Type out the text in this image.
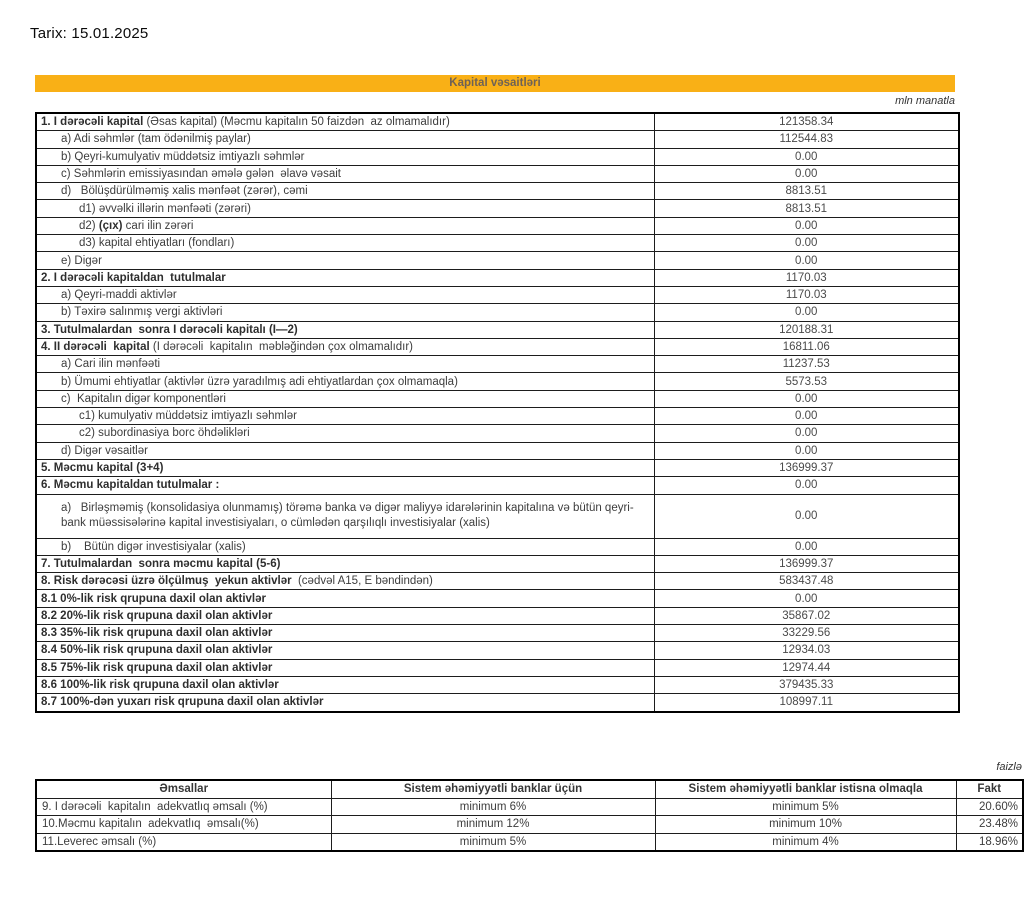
Tarix: 15.01.2025
Kapital vəsaitləri
mln manatla
1. I dərəcəli kapital (Əsas kapital) (Məcmu kapitalın 50 faizdən  az olmamalıdır)	121358.34
a) Adi səhmlər (tam ödənilmiş paylar)	112544.83
b) Qeyri-kumulyativ müddətsiz imtiyazlı səhmlər	0.00
c) Səhmlərin emissiyasından əmələ gələn  əlavə vəsait	0.00
d)   Bölüşdürülməmiş xalis mənfəət (zərər), cəmi	8813.51
d1) əvvəlki illərin mənfəəti (zərəri)	8813.51
d2) (çıx) cari ilin zərəri	0.00
d3) kapital ehtiyatları (fondları)	0.00
e) Digər	0.00
2. I dərəcəli kapitaldan  tutulmalar	1170.03
a) Qeyri-maddi aktivlər	1170.03
b) Təxirə salınmış vergi aktivləri	0.00
3. Tutulmalardan  sonra I dərəcəli kapitalı (I—2)	120188.31
4. II dərəcəli  kapital (I dərəcəli  kapitalın  məbləğindən çox olmamalıdır)	16811.06
a) Cari ilin mənfəəti	11237.53
b) Ümumi ehtiyatlar (aktivlər üzrə yaradılmış adi ehtiyatlardan çox olmamaqla)	5573.53
c)  Kapitalın digər komponentləri	0.00
c1) kumulyativ müddətsiz imtiyazlı səhmlər	0.00
c2) subordinasiya borc öhdəlikləri	0.00
d) Digər vəsaitlər	0.00
5. Məcmu kapital (3+4)	136999.37
6. Məcmu kapitaldan tutulmalar :	0.00
a)   Birləşməmiş (konsolidasiya olunmamış) törəmə banka və digər maliyyə idarələrinin kapitalına və bütün qeyri-bank müəssisələrinə kapital investisiyaları, o cümlədən qarşılıqlı investisiyalar (xalis)	0.00
b)    Bütün digər investisiyalar (xalis)	0.00
7. Tutulmalardan  sonra məcmu kapital (5-6)	136999.37
8. Risk dərəcəsi üzrə ölçülmuş  yekun aktivlər  (cədvəl A15, E bəndindən)	583437.48
8.1 0%-lik risk qrupuna daxil olan aktivlər	0.00
8.2 20%-lik risk qrupuna daxil olan aktivlər	35867.02
8.3 35%-lik risk qrupuna daxil olan aktivlər	33229.56
8.4 50%-lik risk qrupuna daxil olan aktivlər	12934.03
8.5 75%-lik risk qrupuna daxil olan aktivlər	12974.44
8.6 100%-lik risk qrupuna daxil olan aktivlər	379435.33
8.7 100%-dən yuxarı risk qrupuna daxil olan aktivlər	108997.11
faizlə
Əmsallar	Sistem əhəmiyyətli banklar üçün	Sistem əhəmiyyətli banklar istisna olmaqla	Fakt
9. I dərəcəli  kapitalın  adekvatlıq əmsalı (%)	minimum 6%	minimum 5%	20.60%
10.Məcmu kapitalın  adekvatlıq  əmsalı(%)	minimum 12%	minimum 10%	23.48%
11.Leverec əmsalı (%)	minimum 5%	minimum 4%	18.96%
